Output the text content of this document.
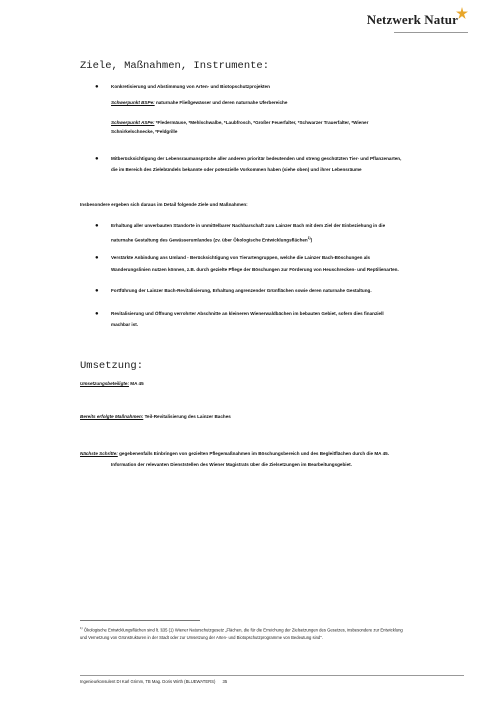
Netzwerk Natur
Ziele, Maßnahmen, Instrumente:
●	Konkretisierung und Abstimmung von Arten- und Biotopschutzprojekten
Schwerpunkt BSPe: naturnahe Fließgewässer und deren naturnahe Uferbereiche
Schwerpunkt ASPe: *Fledermäuse, *Mehlschwalbe, *Laubfrosch, *Großer Feuerfalter, *Schwarzer Trauerfalter, *Wiener
Schnirkelschnecke, *Feldgrille
●	Mitberücksichtigung der Lebensraumansprüche aller anderen prioritär bedeutenden und streng geschützten Tier- und Pflanzenarten,
die im Bereich des Zielebündels bekannte oder potenzielle Vorkommen haben (siehe oben) und ihrer Lebensräume
Insbesondere ergeben sich daraus im Detail folgende Ziele und Maßnahmen:
●	Erhaltung aller unverbauten Standorte in unmittelbarer Nachbarschaft zum Lainzer Bach mit dem Ziel der Einbeziehung in die
naturnahe Gestaltung des Gewässerumlandes (zv. über Ökologische Entwicklungsflächen$^{1)}$)
●	Verstärkte Anbindung ans Umland - Berücksichtigung von Tierartengruppen, welche die Lainzer Bach-Böschungen als
Wanderungslinien nutzen können, z.B. durch gezielte Pflege der Böschungen zur Förderung von Heuschrecken- und Reptilienarten.
●	Fortführung der Lainzer Bach-Revitalisierung, Erhaltung angrenzender Grünflächen sowie deren naturnahe Gestaltung.
●	Revitalisierung und Öffnung verrohrter Abschnitte an kleineren Wienerwaldbächen im bebauten Gebiet, sofern dies finanziell
machbar ist.
Umsetzung:
Umsetzungsbeteiligte: MA 45
Bereits erfolgte Maßnahmen: Teil-Revitalisierung des Lainzer Baches
Nächste Schritte: gegebenenfalls Einbringen von gezielten Pflegemaßnahmen im Böschungsbereich und des Begleitflächen durch die MA 45.
Information der relevanten Dienststellen des Wiener Magistrats über die Zielsetzungen im Bearbeitungsgebiet.
$^{1)}$ Ökologische Entwicklungsflächen sind lt. §35 (1) Wiener Naturschutzgesetz „Flächen, die für die Erreichung der Zielsetzungen des Gesetzes, insbesondere zur Entwicklung
und Vernetzung von Grünstrukturen in der Stadt oder zur Umsetzung der Arten- und Biotopschutzprogramme von Bedeutung sind".
Ingenieurkonsulent DI Karl Grimm, TB Mag. Doris Wirth (BLUEWATERS) 35
